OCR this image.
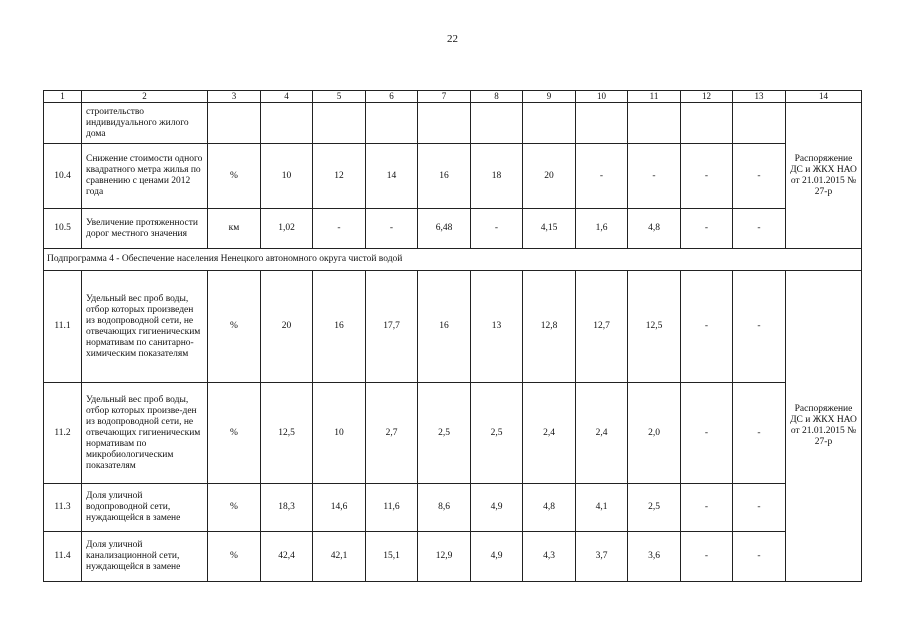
22
1	2	3	4	5	6	7	8	9	10	11	12	13	14
	строительство индивидуального жилого дома												Распоряжение ДС и ЖКХ НАО от 21.01.2015 № 27-р
10.4	Снижение стоимости одного квадратного метра жилья по сравнению с ценами 2012 года	%	10	12	14	16	18	20	-	-	-	-	
10.5	Увеличение протяженности дорог местного значения	км	1,02	-	-	6,48	-	4,15	1,6	4,8	-	-	
Подпрограмма 4 - Обеспечение населения Ненецкого автономного округа чистой водой													
11.1	Удельный вес проб воды, отбор которых произведен из водопроводной сети, не отвечающих гигиеническим нормативам по санитарно-химическим показателям	%	20	16	17,7	16	13	12,8	12,7	12,5	-	-	Распоряжение ДС и ЖКХ НАО от 21.01.2015 № 27-р
11.2	Удельный вес проб воды, отбор которых произве-ден из водопроводной сети, не отвечающих гигиеническим нормативам по микробиологическим показателям	%	12,5	10	2,7	2,5	2,5	2,4	2,4	2,0	-	-	
11.3	Доля уличной водопроводной сети, нуждающейся в замене	%	18,3	14,6	11,6	8,6	4,9	4,8	4,1	2,5	-	-	
11.4	Доля уличной канализационной сети, нуждающейся в замене	%	42,4	42,1	15,1	12,9	4,9	4,3	3,7	3,6	-	-	
